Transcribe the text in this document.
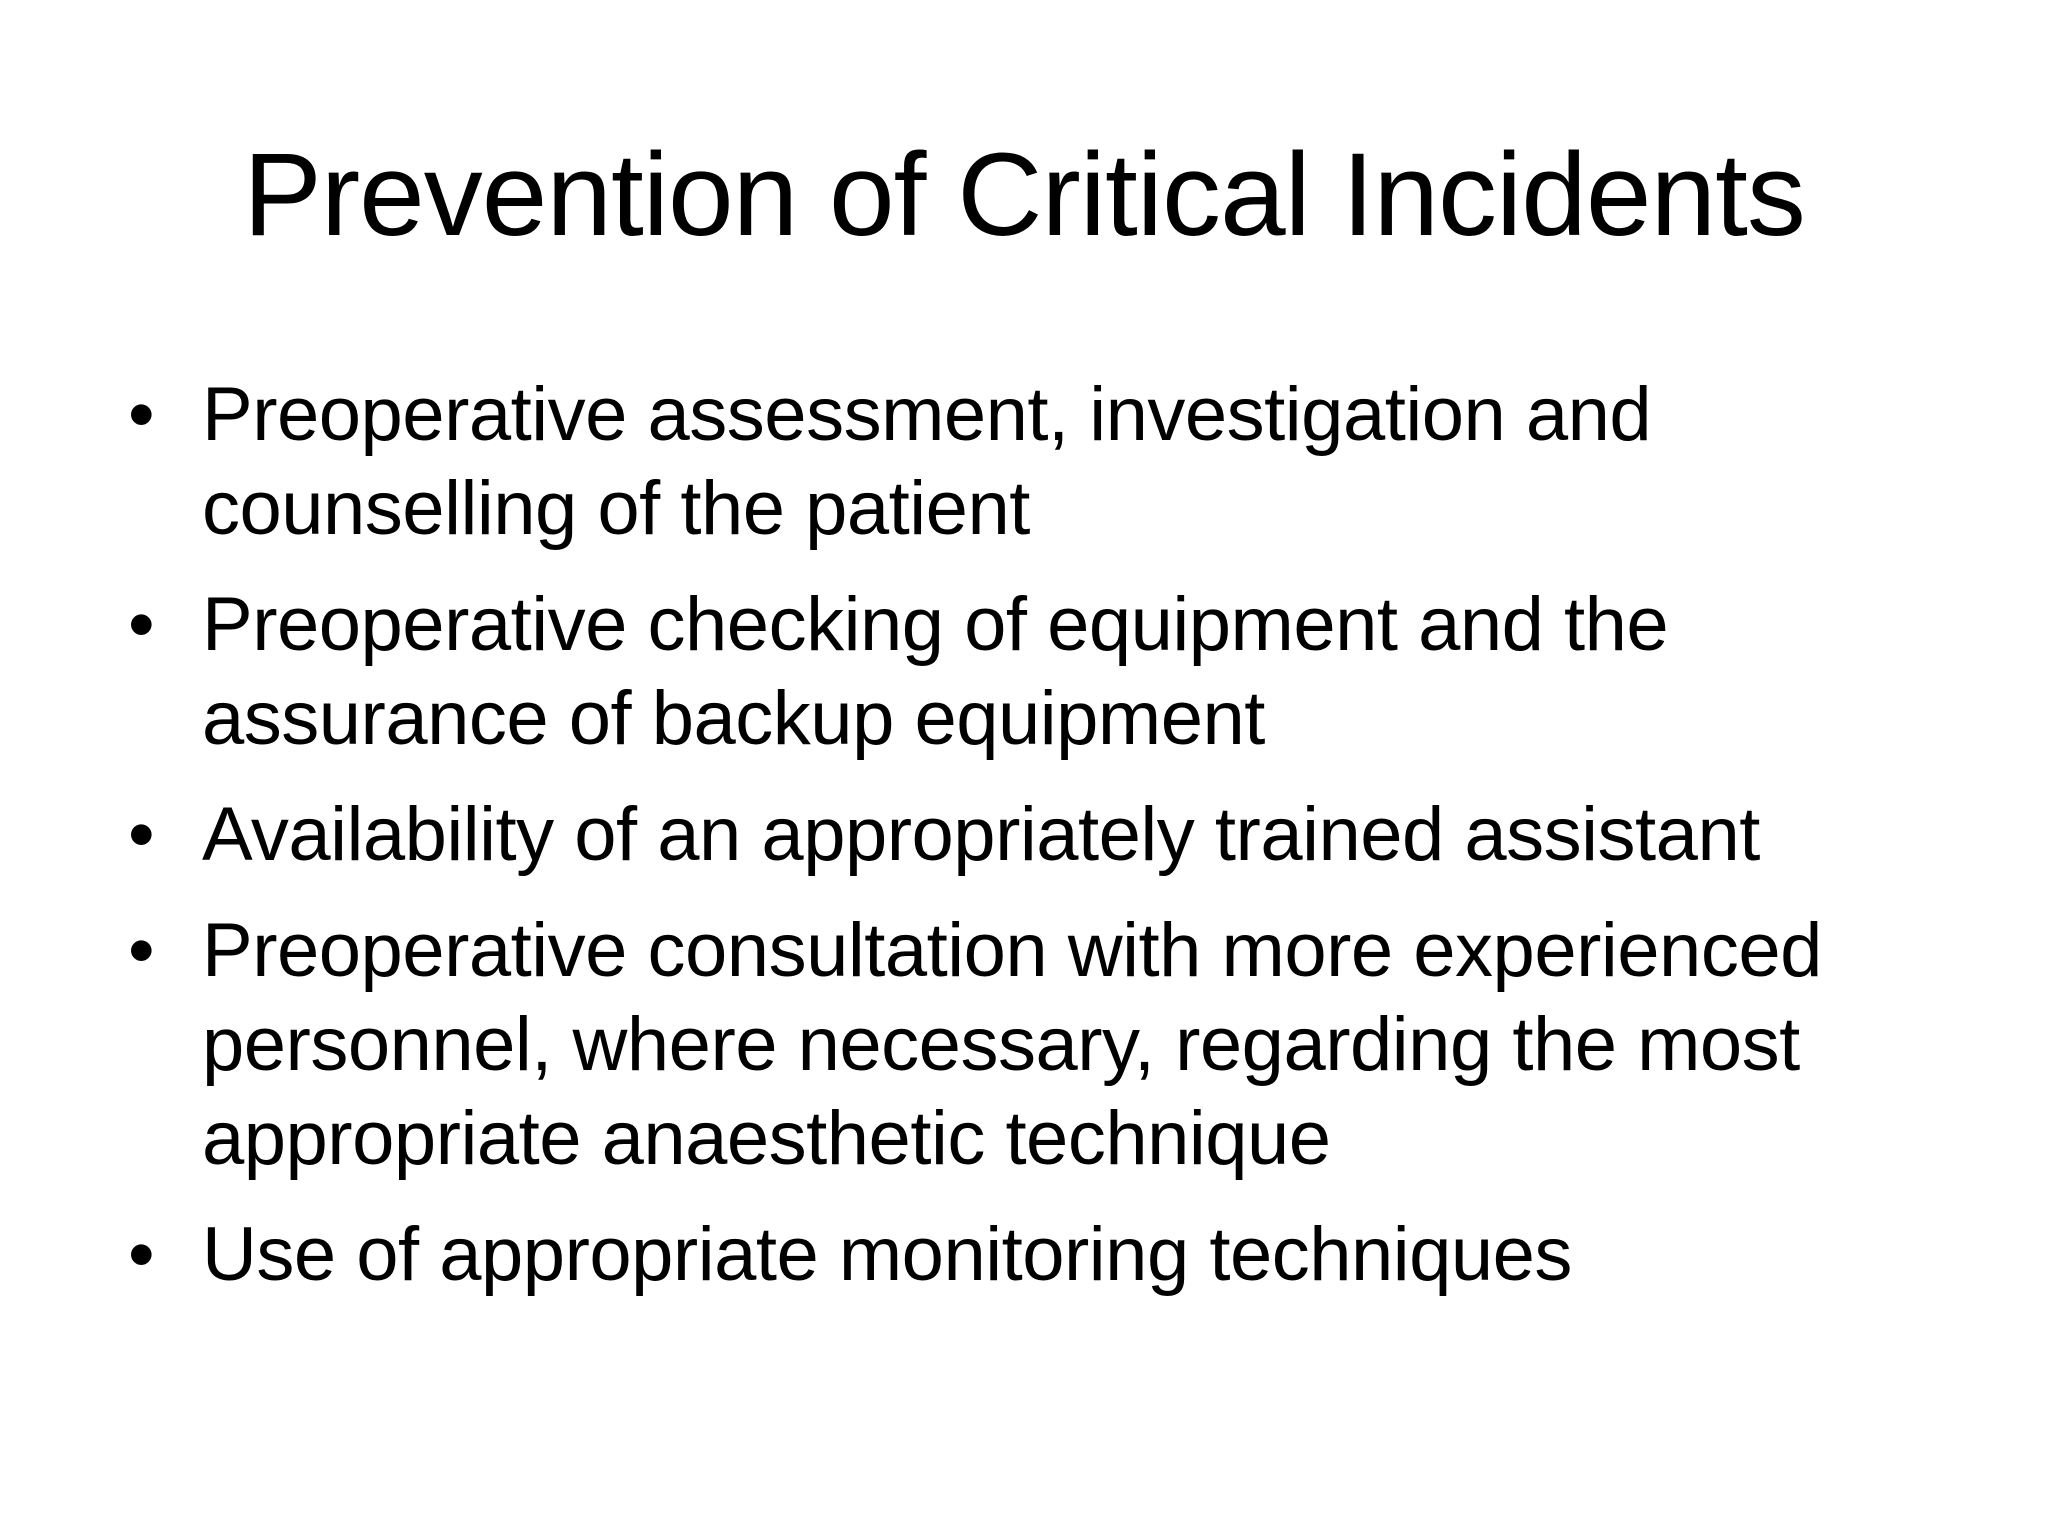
Prevention of Critical Incidents
• Preoperative assessment, investigation and counselling of the patient
• Preoperative checking of equipment and the assurance of backup equipment
• Availability of an appropriately trained assistant
• Preoperative consultation with more experienced personnel, where necessary, regarding the most appropriate anaesthetic technique
• Use of appropriate monitoring techniques
